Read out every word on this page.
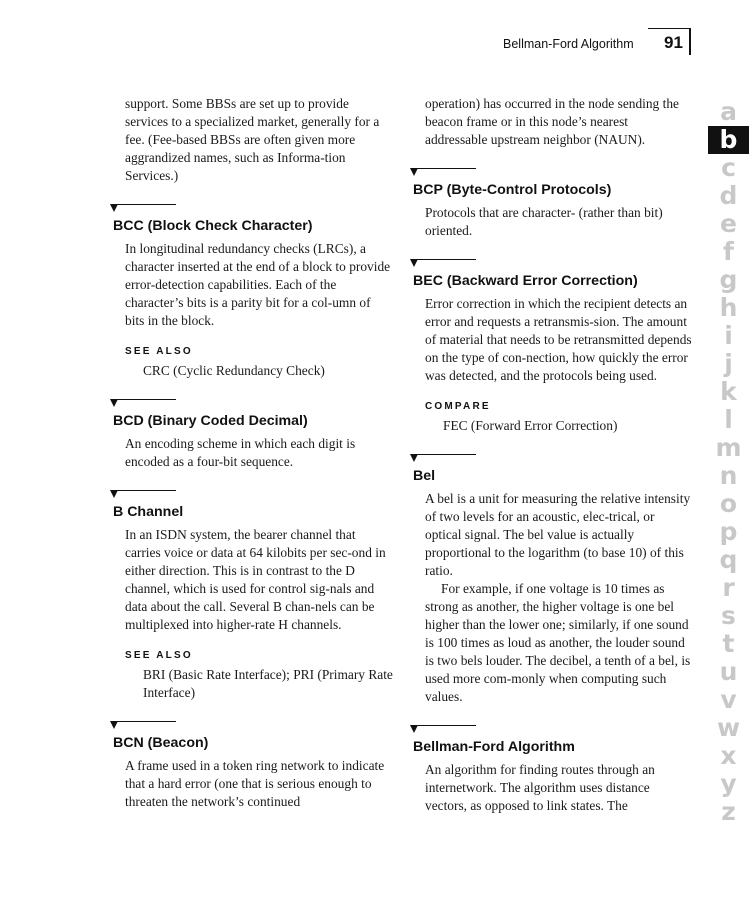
Bellman-Ford Algorithm 91
support. Some BBSs are set up to provide services to a specialized market, generally for a fee. (Fee-based BBSs are often given more aggrandized names, such as Informa-tion Services.)
BCC (Block Check Character)
In longitudinal redundancy checks (LRCs), a character inserted at the end of a block to provide error-detection capabilities. Each of the character’s bits is a parity bit for a col-umn of bits in the block.
SEE ALSO
CRC (Cyclic Redundancy Check)
BCD (Binary Coded Decimal)
An encoding scheme in which each digit is encoded as a four-bit sequence.
B Channel
In an ISDN system, the bearer channel that carries voice or data at 64 kilobits per sec-ond in either direction. This is in contrast to the D channel, which is used for control sig-nals and data about the call. Several B chan-nels can be multiplexed into higher-rate H channels.
SEE ALSO
BRI (Basic Rate Interface); PRI (Primary Rate Interface)
BCN (Beacon)
A frame used in a token ring network to indicate that a hard error (one that is serious enough to threaten the network’s continued
operation) has occurred in the node sending the beacon frame or in this node’s nearest addressable upstream neighbor (NAUN).
BCP (Byte-Control Protocols)
Protocols that are character- (rather than bit) oriented.
BEC (Backward Error Correction)
Error correction in which the recipient detects an error and requests a retransmis-sion. The amount of material that needs to be retransmitted depends on the type of con-nection, how quickly the error was detected, and the protocols being used.
COMPARE
FEC (Forward Error Correction)
Bel
A bel is a unit for measuring the relative intensity of two levels for an acoustic, elec-trical, or optical signal. The bel value is actually proportional to the logarithm (to base 10) of this ratio.
For example, if one voltage is 10 times as strong as another, the higher voltage is one bel higher than the lower one; similarly, if one sound is 100 times as loud as another, the louder sound is two bels louder. The decibel, a tenth of a bel, is used more com-monly when computing such values.
Bellman-Ford Algorithm
An algorithm for finding routes through an internetwork. The algorithm uses distance vectors, as opposed to link states. The
a
b
c
d
e
f
g
h
i
j
k
l
m
n
o
p
q
r
s
t
u
v
w
x
y
z
